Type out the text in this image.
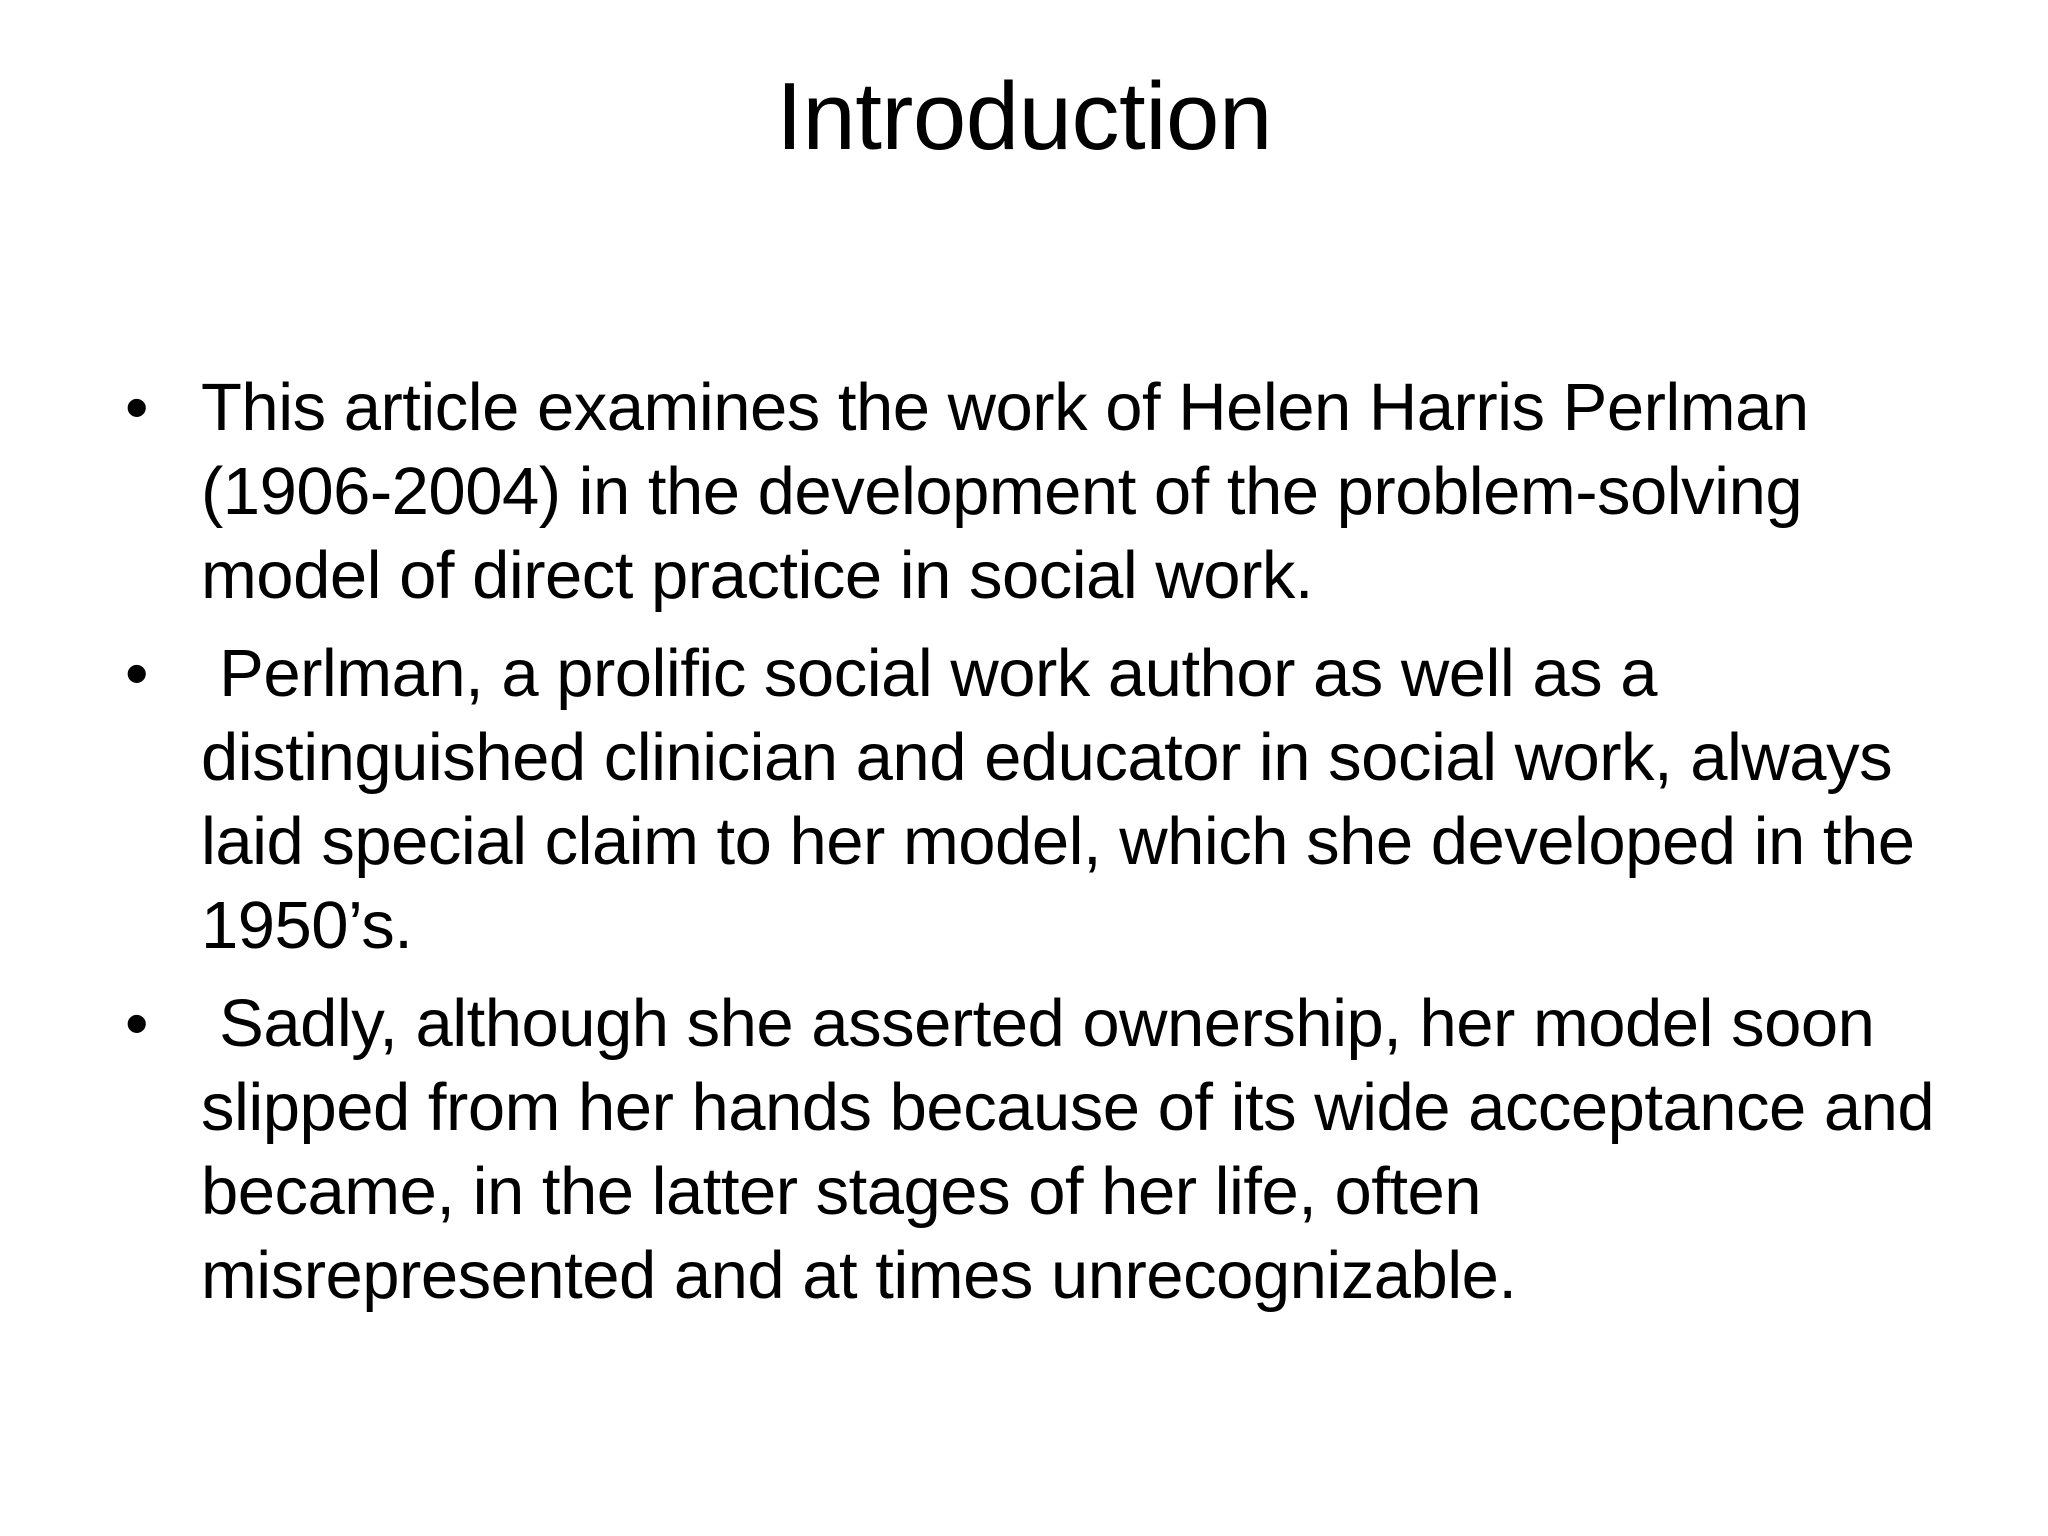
Introduction
• This article examines the work of Helen Harris Perlman (1906-2004) in the development of the problem-solving model of direct practice in social work.
• Perlman, a prolific social work author as well as a distinguished clinician and educator in social work, always laid special claim to her model, which she developed in the 1950’s.
• Sadly, although she asserted ownership, her model soon slipped from her hands because of its wide acceptance and became, in the latter stages of her life, often misrepresented and at times unrecognizable.
